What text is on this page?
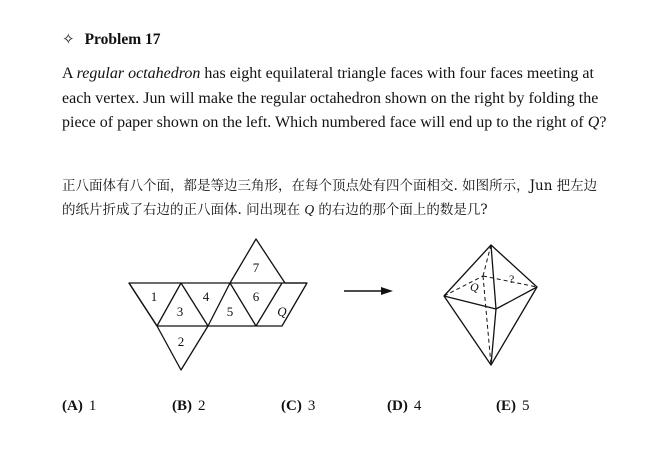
✧ Problem 17
A regular octahedron has eight equilateral triangle faces with four faces meeting at each vertex. Jun will make the regular octahedron shown on the right by folding the piece of paper shown on the left. Which numbered face will end up to the right of Q?
正八面体有八个面，都是等边三角形，在每个顶点处有四个面相交. 如图所示，Jun 把左边的纸片折成了右边的正八面体. 问出现在 Q 的右边的那个面上的数是几?
1
3
4
5
6
7
2
Q
Q
?
(A) 1	(B) 2	(C) 3	(D) 4	(E) 5
